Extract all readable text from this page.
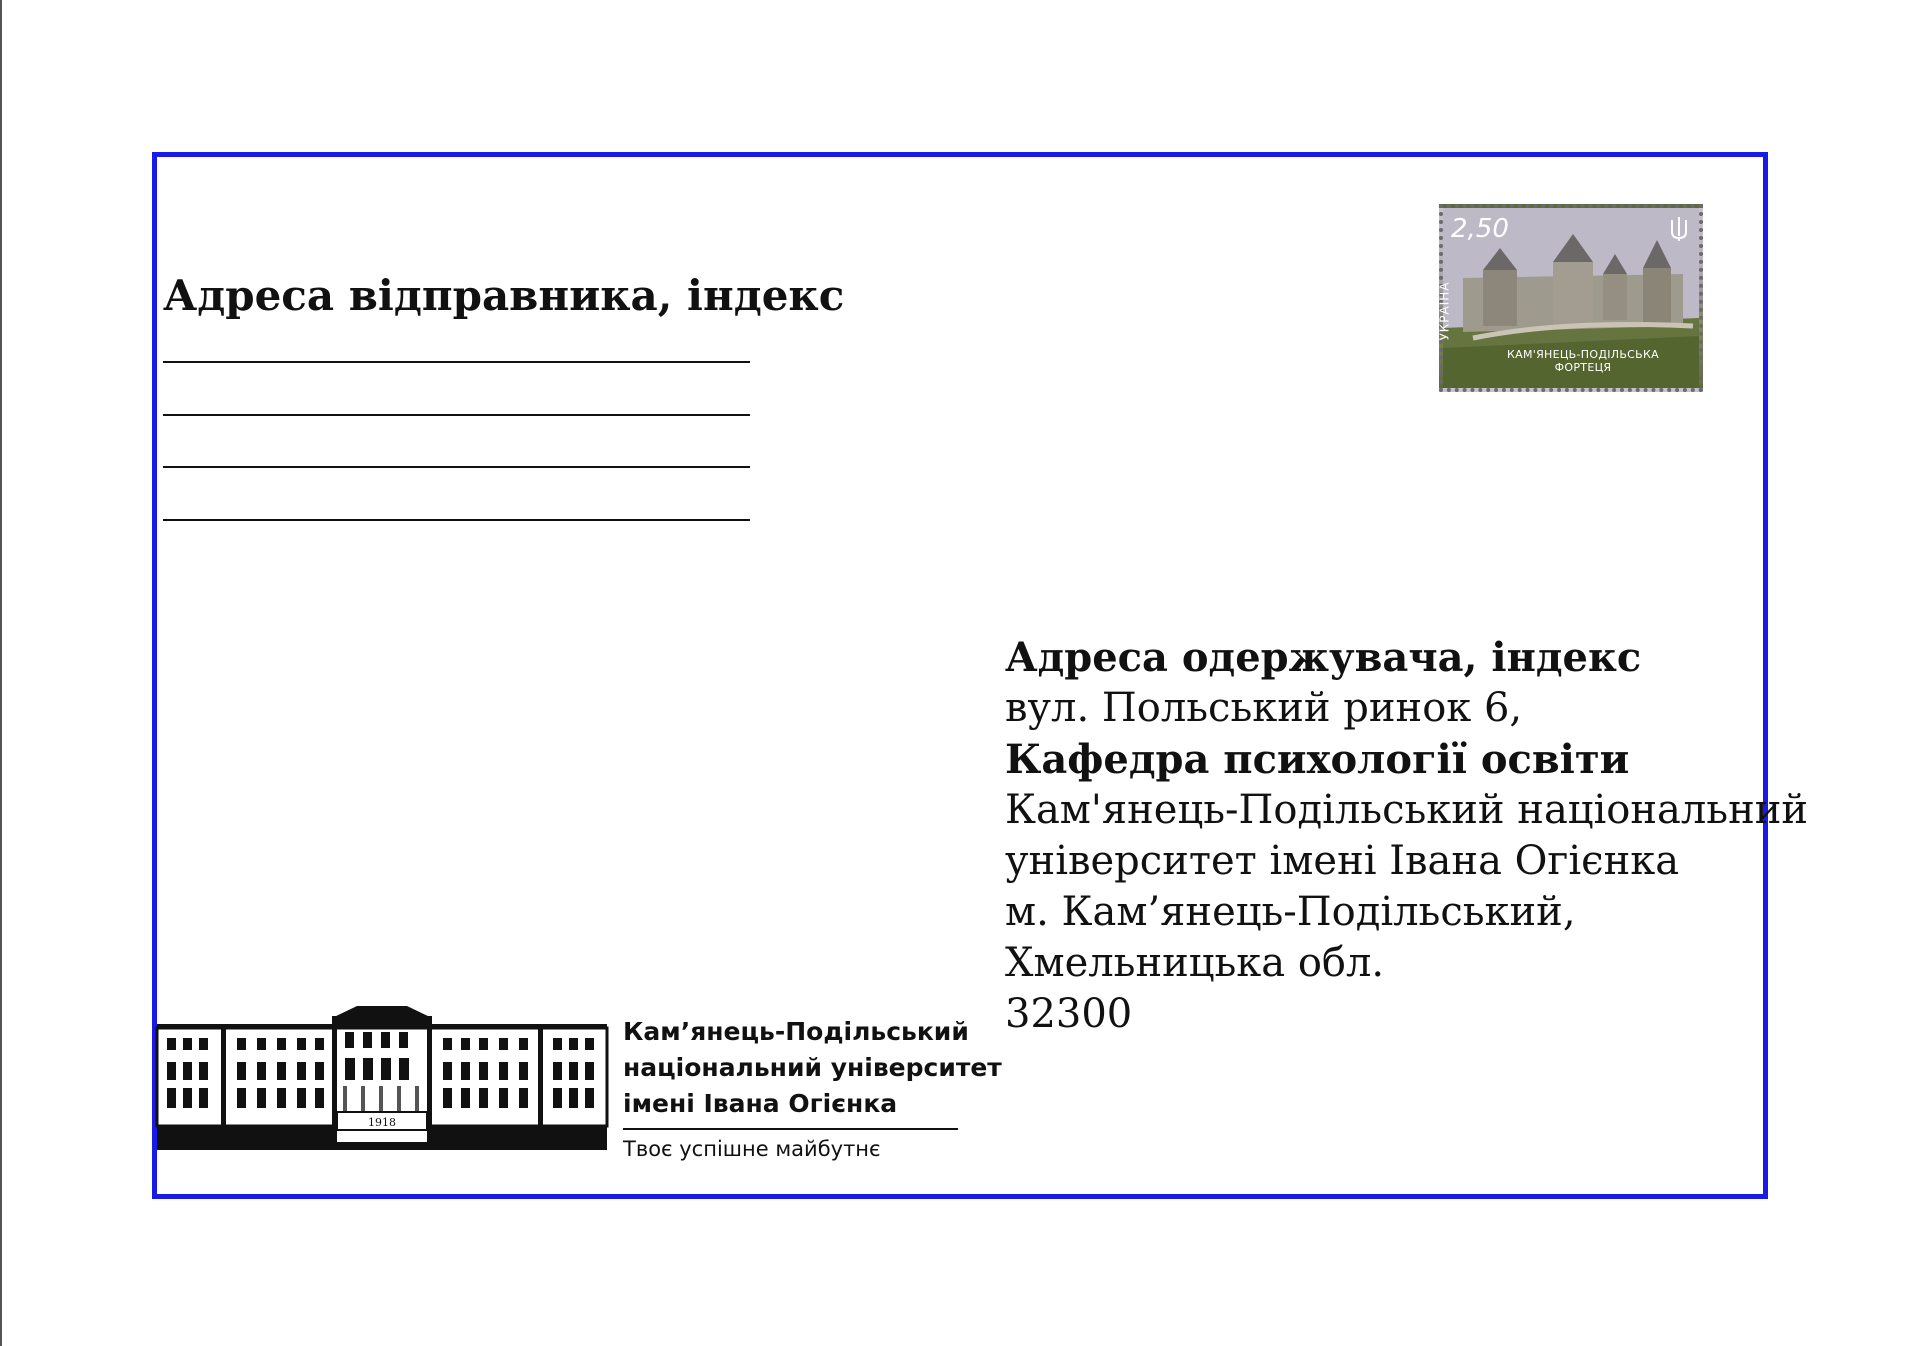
Адреса відправника, індекс
2,50
УКРАЇНА
КАМ'ЯНЕЦЬ-ПОДІЛЬСЬКА
ФОРТЕЦЯ
Адреса одержувача, індекс
вул. Польський ринок 6,
Кафедра психології освіти
Кам'янець-Подільський національний
університет імені Івана Огієнка
м. Кам’янець-Подільський,
Хмельницька обл.
32300
1918
Кам’янець-Подільський
національний університет
імені Івана Огієнка
Твоє успішне майбутнє
